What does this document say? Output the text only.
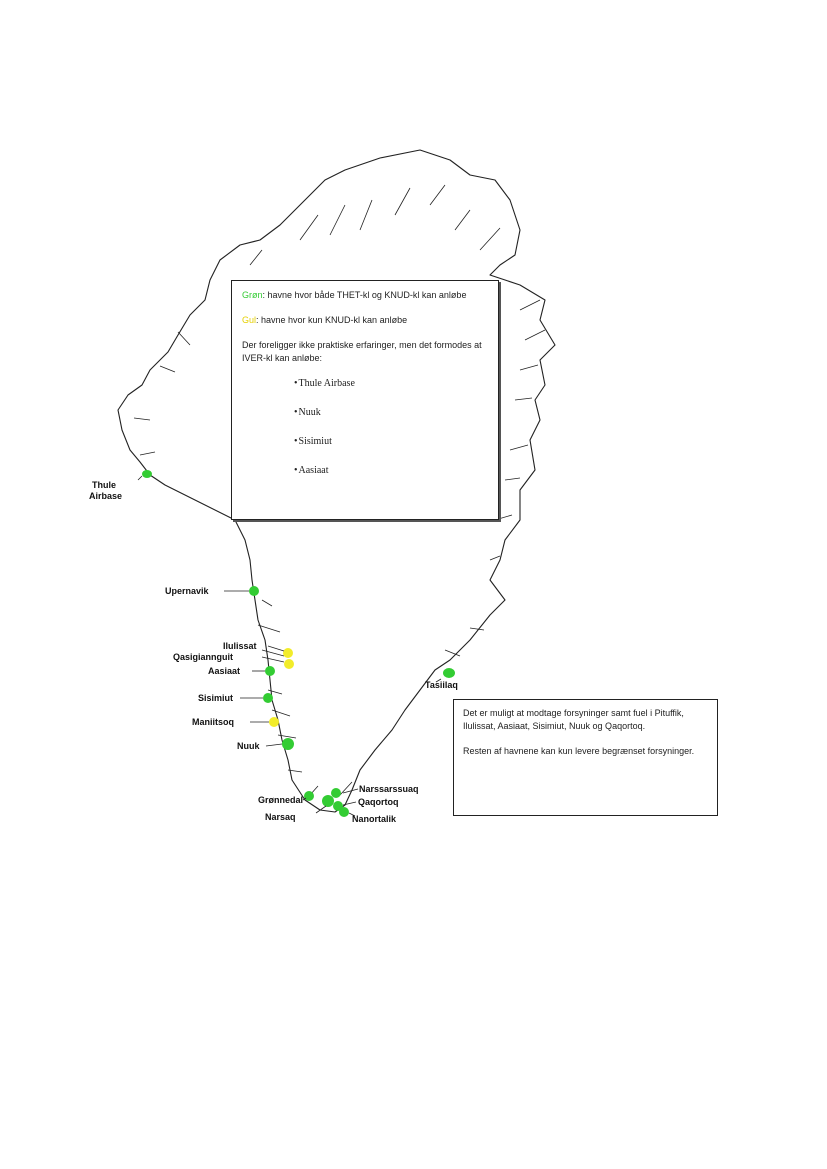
Thule
Airbase
Upernavik
Ilulissat
Qasigiannguit
Aasiaat
Sisimiut
Maniitsoq
Nuuk
Grønnedal
Narsaq
Narssarssuaq
Qaqortoq
Nanortalik
Tasiilaq

Grøn: havne hvor både THET-kl og KNUD-kl kan anløbe

Gul: havne hvor kun KNUD-kl kan anløbe

Der foreligger ikke praktiske erfaringer, men det formodes at IVER-kl kan anløbe:

• Thule Airbase
• Nuuk
• Sisimiut
• Aasiaat

Det er muligt at modtage forsyninger samt fuel i Pituffik, Ilulissat, Aasiaat, Sisimiut, Nuuk og Qaqortoq.

Resten af havnene kan kun levere begrænset forsyninger.
